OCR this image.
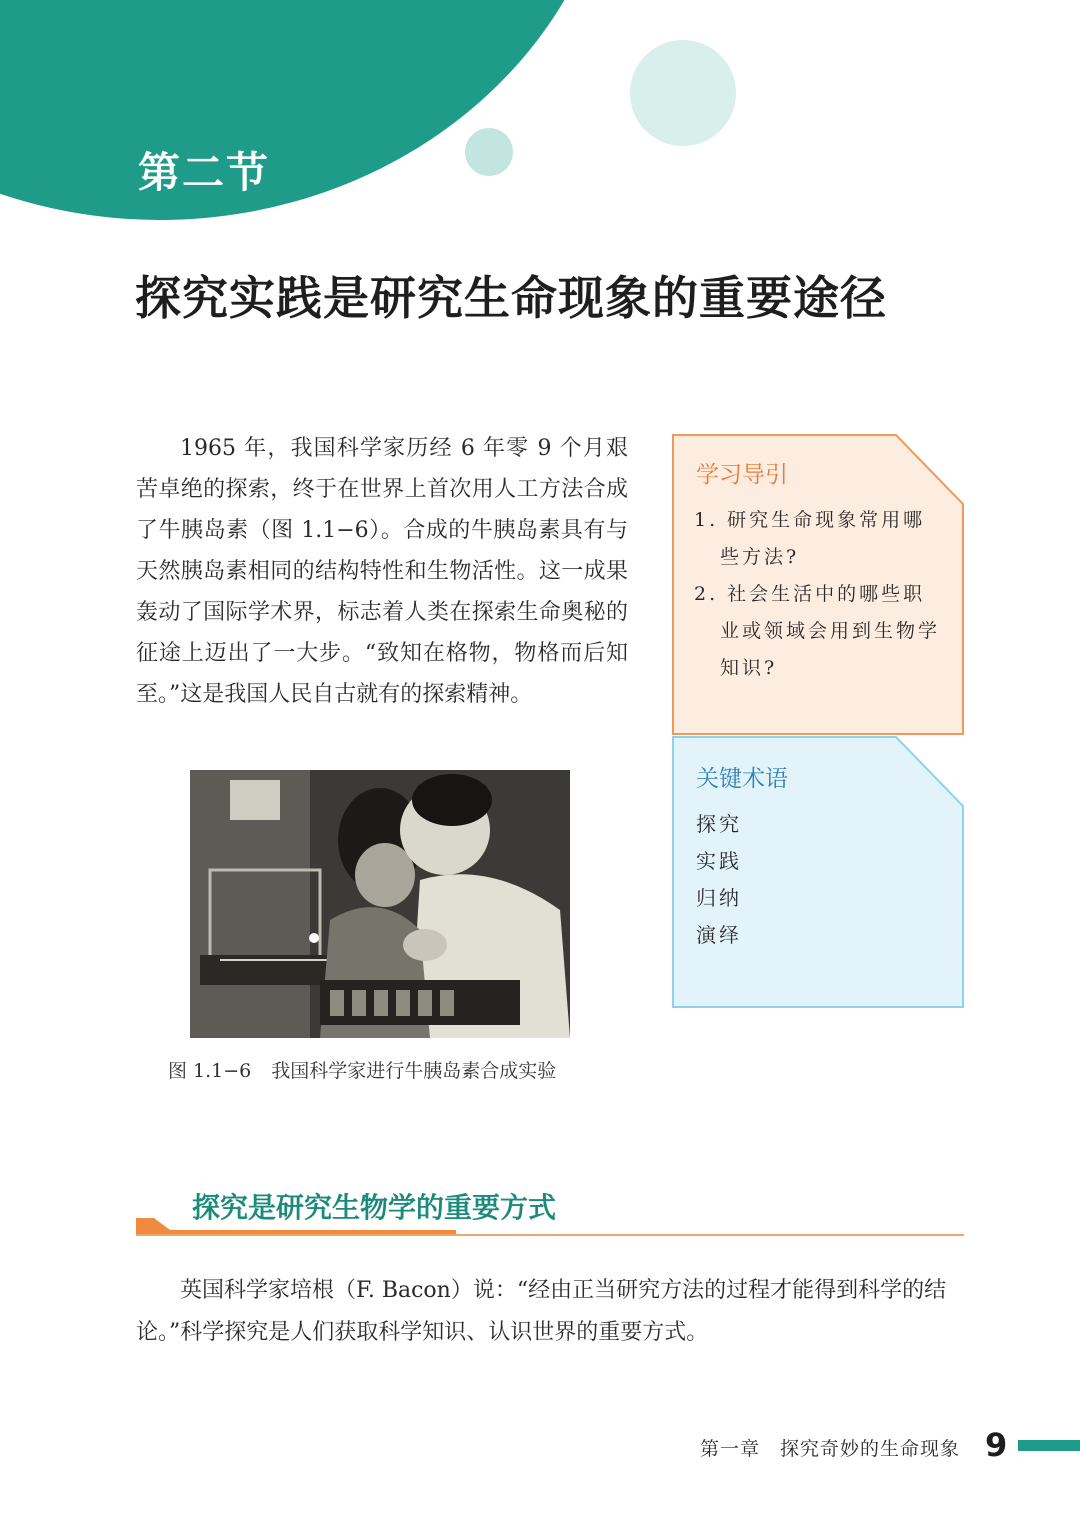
第二节
探究实践是研究生命现象的重要途径

1965 年，我国科学家历经 6 年零 9 个月艰苦卓绝的探索，终于在世界上首次用人工方法合成了牛胰岛素（图 1.1−6）。合成的牛胰岛素具有与天然胰岛素相同的结构特性和生物活性。这一成果轰动了国际学术界，标志着人类在探索生命奥秘的征途上迈出了一大步。“致知在格物，物格而后知至。”这是我国人民自古就有的探索精神。

图 1.1−6 我国科学家进行牛胰岛素合成实验
学习导引
1. 研究生命现象常用哪些方法?
2. 社会生活中的哪些职业或领域会用到生物学知识?
关键术语
探究
实践
归纳
演绎
探究是研究生物学的重要方式

英国科学家培根（F. Bacon）说：“经由正当研究方法的过程才能得到科学的结论。”科学探究是人们获取科学知识、认识世界的重要方式。

第一章 探究奇妙的生命现象 9
